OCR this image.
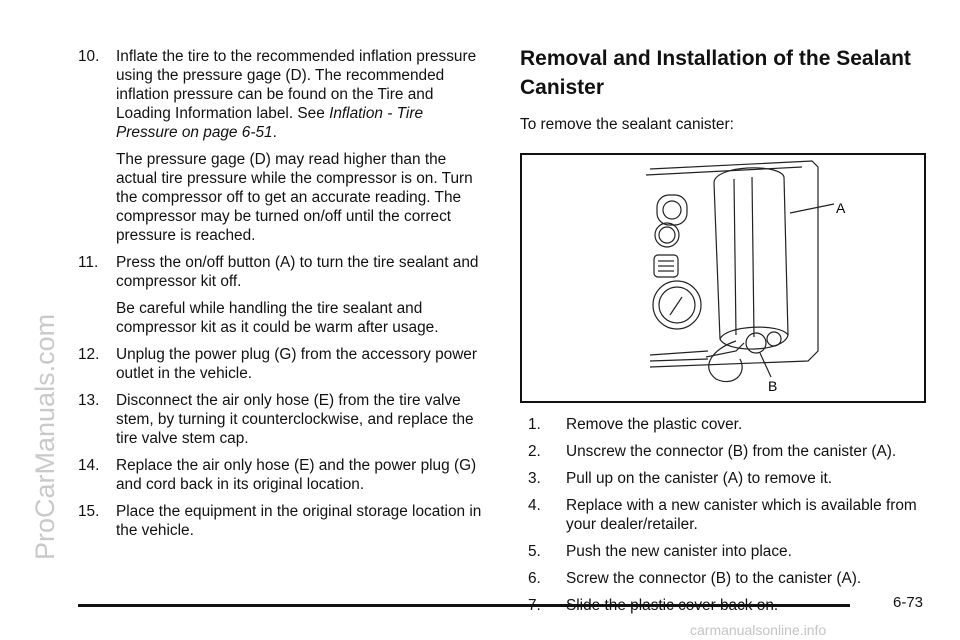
ProCarManuals.com
10.	Inflate the tire to the recommended inflation pressure using the pressure gage (D). The recommended inflation pressure can be found on the Tire and Loading Information label. See Inflation - Tire Pressure on page 6-51.

The pressure gage (D) may read higher than the actual tire pressure while the compressor is on. Turn the compressor off to get an accurate reading. The compressor may be turned on/off until the correct pressure is reached.

11.	Press the on/off button (A) to turn the tire sealant and compressor kit off.

Be careful while handling the tire sealant and compressor kit as it could be warm after usage.

12.	Unplug the power plug (G) from the accessory power outlet in the vehicle.

13.	Disconnect the air only hose (E) from the tire valve stem, by turning it counterclockwise, and replace the tire valve stem cap.

14.	Replace the air only hose (E) and the power plug (G) and cord back in its original location.

15.	Place the equipment in the original storage location in the vehicle.

Removal and Installation of the Sealant Canister

To remove the sealant canister:

A
B
1.	Remove the plastic cover.

2.	Unscrew the connector (B) from the canister (A).

3.	Pull up on the canister (A) to remove it.

4.	Replace with a new canister which is available from your dealer/retailer.

5.	Push the new canister into place.

6.	Screw the connector (B) to the canister (A).

6-73
carmanualsonline.info
